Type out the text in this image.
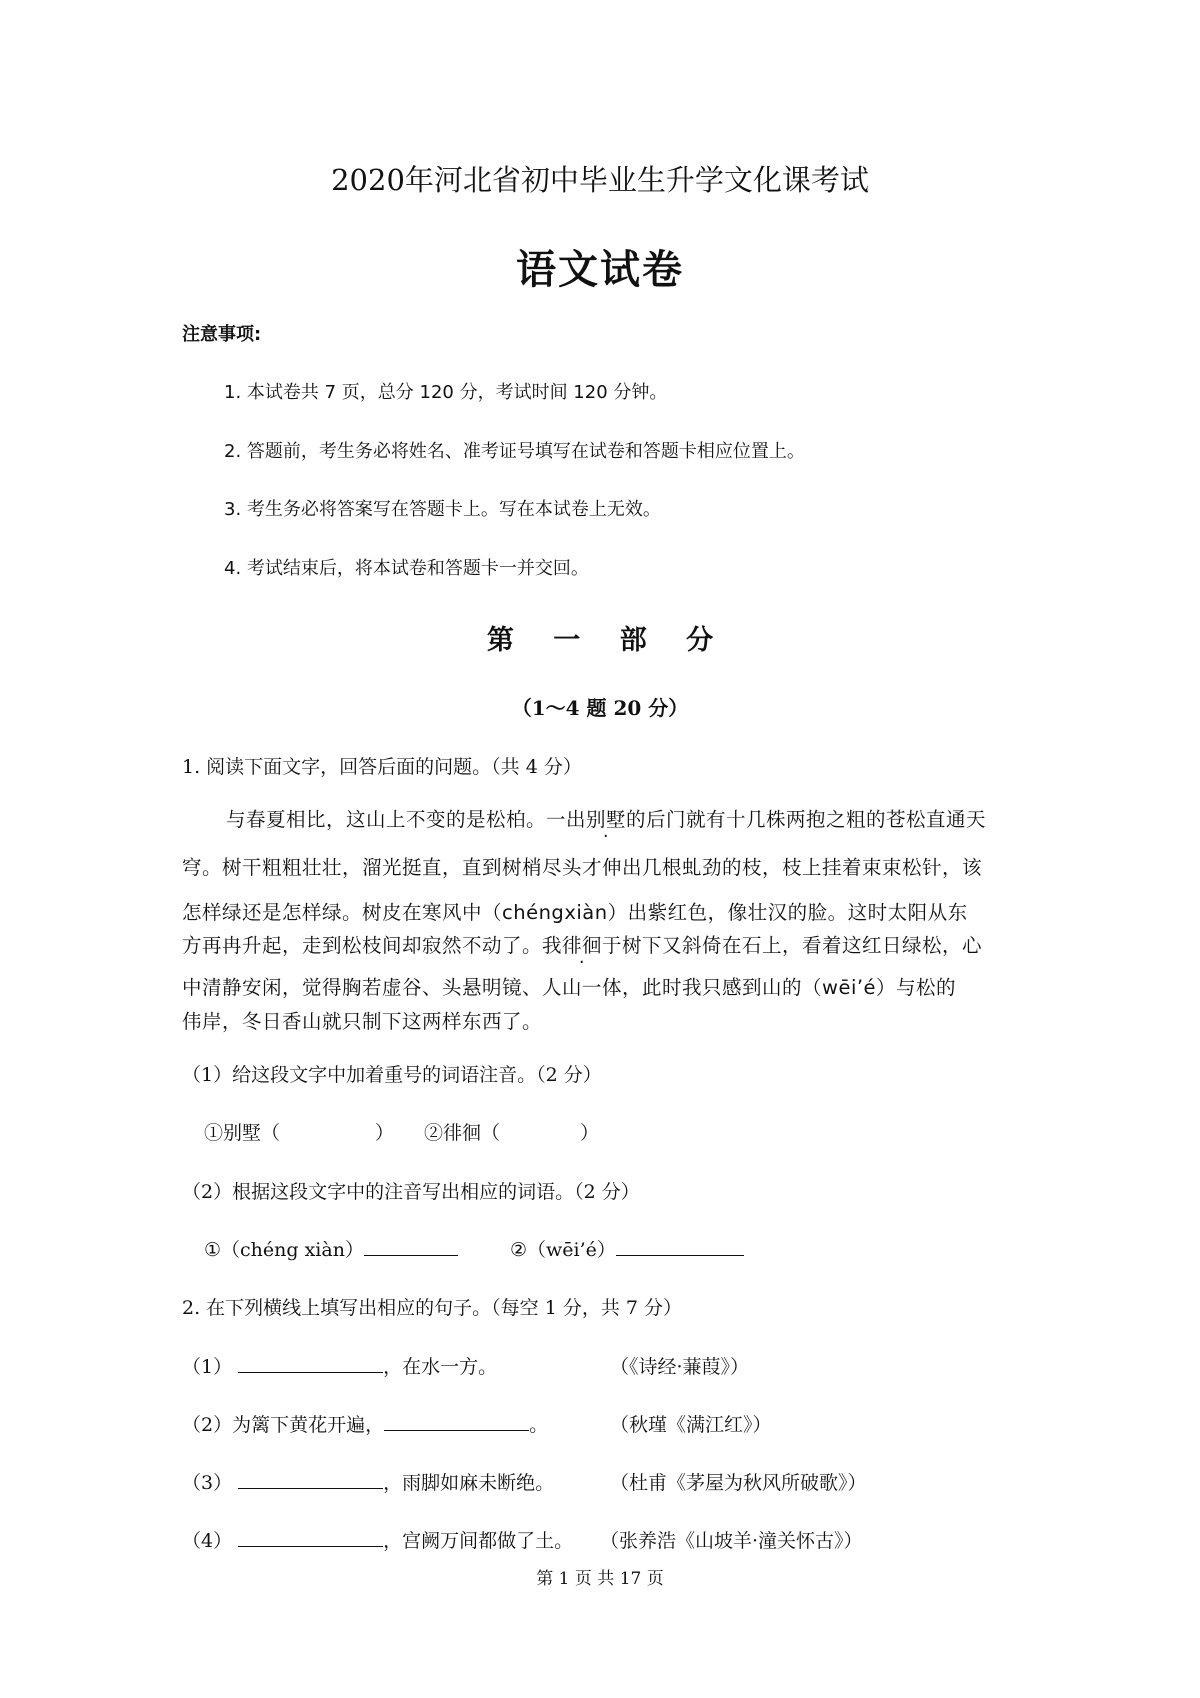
2020年河北省初中毕业生升学文化课考试
语文试卷
注意事项:
1. 本试卷共 7 页，总分 120 分，考试时间 120 分钟。
2. 答题前，考生务必将姓名、准考证号填写在试卷和答题卡相应位置上。
3. 考生务必将答案写在答题卡上。写在本试卷上无效。
4. 考试结束后，将本试卷和答题卡一并交回。
第 一 部 分
（1～4 题 20 分）
1. 阅读下面文字，回答后面的问题。（共 4 分）
与春夏相比，这山上不变的是松柏。一出别墅的后门就有十几株两抱之粗的苍松直通天
穹。树干粗粗壮壮，溜光挺直，直到树梢尽头才伸出几根虬劲的枝，枝上挂着束束松针，该
怎样绿还是怎样绿。树皮在寒风中（chéngxiàn）出紫红色，像壮汉的脸。这时太阳从东
方再冉升起，走到松枝间却寂然不动了。我徘徊于树下又斜倚在石上，看着这红日绿松，心
中清静安闲，觉得胸若虚谷、头悬明镜、人山一体，此时我只感到山的（wēi’é）与松的
伟岸，冬日香山就只制下这两样东西了。
（1）给这段文字中加着重号的词语注音。（2 分）
①别墅（	） ②徘徊（	）
（2）根据这段文字中的注音写出相应的词语。（2 分）
①（chéng xiàn）	②（wēi’é）
2. 在下列横线上填写出相应的句子。（每空 1 分，共 7 分）
（1）	，在水一方。	（《诗经·蒹葭》）
（2）为篱下黄花开遍，	。	（秋瑾《满江红》）
（3）	，雨脚如麻未断绝。	（杜甫《茅屋为秋风所破歌》）
（4）	，宫阙万间都做了土。 （张养浩《山坡羊·潼关怀古》）
第 1 页 共 17 页
